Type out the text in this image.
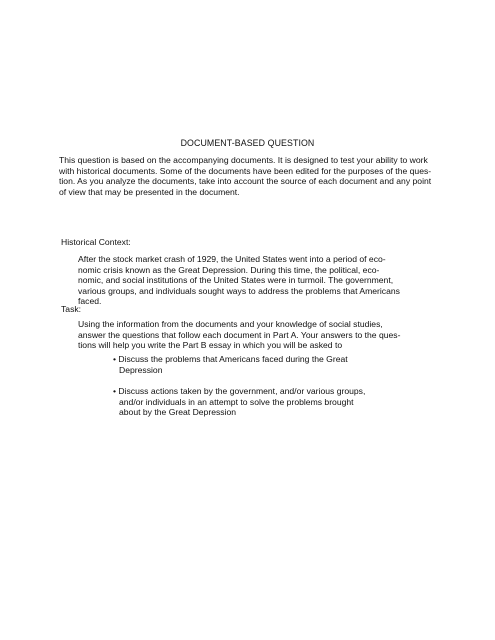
DOCUMENT-BASED QUESTION
This question is based on the accompanying documents. It is designed to test your ability to work
with historical documents. Some of the documents have been edited for the purposes of the ques-
tion. As you analyze the documents, take into account the source of each document and any point
of view that may be presented in the document.
Historical Context:
After the stock market crash of 1929, the United States went into a period of eco-
nomic crisis known as the Great Depression. During this time, the political, eco-
nomic, and social institutions of the United States were in turmoil. The government,
various groups, and individuals sought ways to address the problems that Americans
faced.
Task:
Using the information from the documents and your knowledge of social studies,
answer the questions that follow each document in Part A. Your answers to the ques-
tions will help you write the Part B essay in which you will be asked to
• Discuss the problems that Americans faced during the Great
Depression
• Discuss actions taken by the government, and/or various groups,
and/or individuals in an attempt to solve the problems brought
about by the Great Depression
